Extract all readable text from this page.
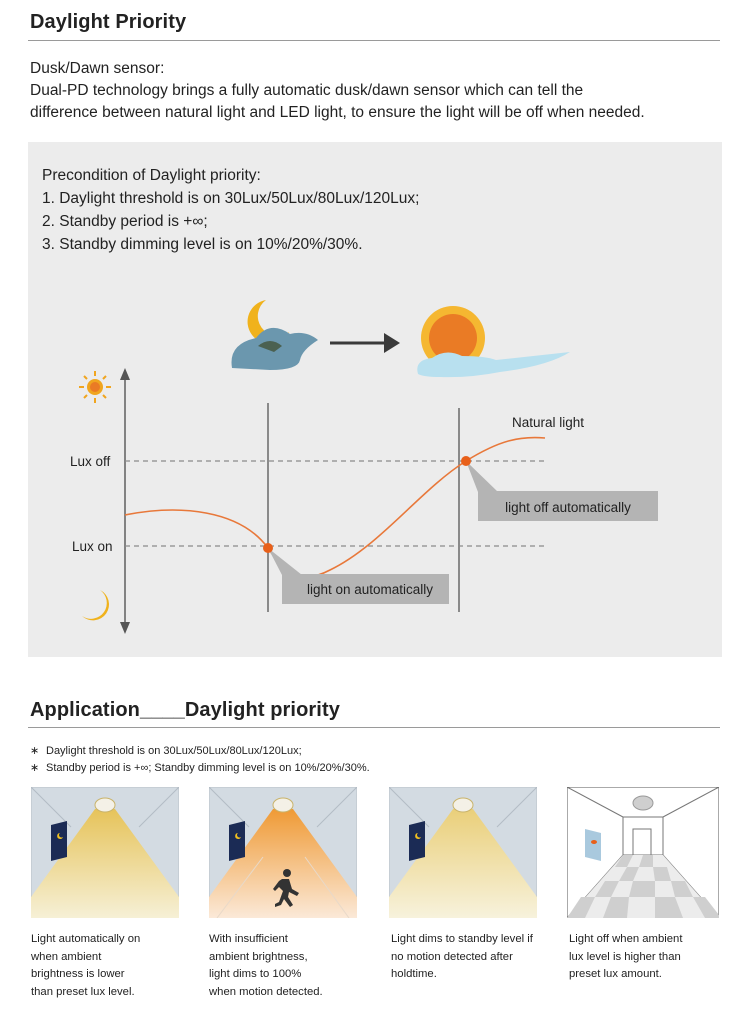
Daylight Priority
Dusk/Dawn sensor:
Dual-PD technology brings a fully automatic dusk/dawn sensor which can tell the
difference between natural light and LED light, to ensure the light will be off when needed.
Precondition of Daylight priority:
1. Daylight threshold is on 30Lux/50Lux/80Lux/120Lux;
2. Standby period is +∞;
3. Standby dimming level is on 10%/20%/30%.
Lux off
Lux on
Natural light
light off automatically
light on automatically
Application____Daylight priority
∗ Daylight threshold is on 30Lux/50Lux/80Lux/120Lux;
∗ Standby period is +∞; Standby dimming level is on 10%/20%/30%.
Light automatically on
when ambient
brightness is lower
than preset lux level.
With insufficient
ambient brightness,
light dims to 100%
when motion detected.
Light dims to standby level if
no motion detected after
holdtime.
Light off when ambient
lux level is higher than
preset lux amount.
